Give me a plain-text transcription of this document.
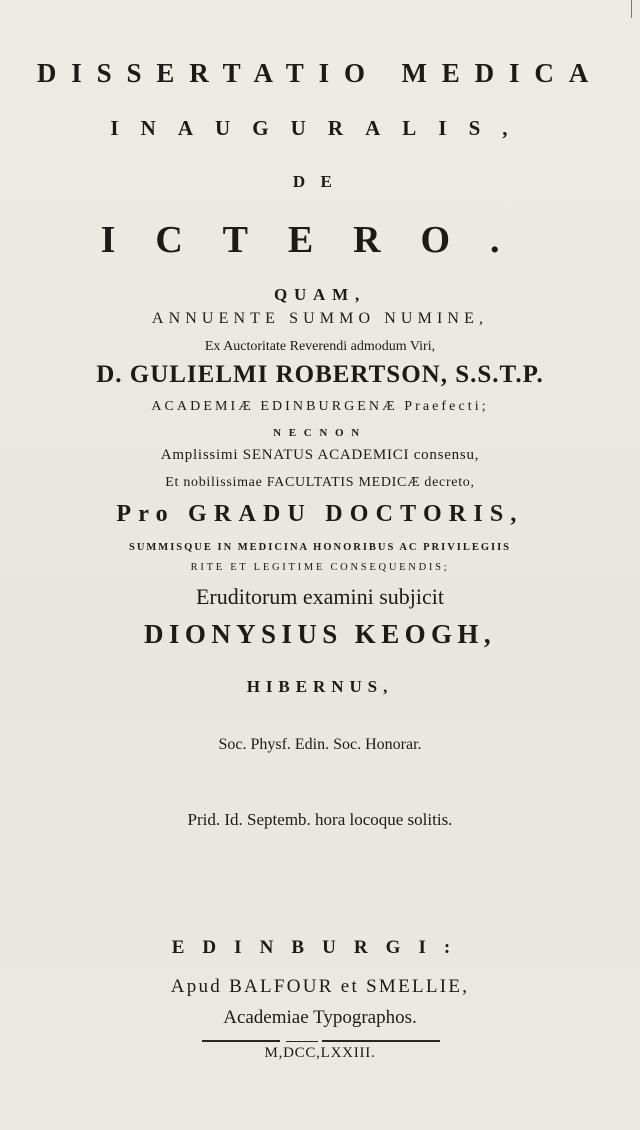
DISSERTATIO MEDICA
INAUGURALIS,
DE
ICTERO.
QUAM,
ANNUENTE SUMMO NUMINE,
Ex Auctoritate Reverendi admodum Viri,
D. GULIELMI ROBERTSON, S.S.T.P.
ACADEMIÆ EDINBURGENÆ Praefecti;
NECNON
Amplissimi SENATUS ACADEMICI consensu,
Et nobilissimae FACULTATIS MEDICÆ decreto,
Pro GRADU DOCTORIS,
SUMMISQUE IN MEDICINA HONORIBUS AC PRIVILEGIIS
RITE ET LEGITIME CONSEQUENDIS;
Eruditorum examini subjicit
DIONYSIUS KEOGH,
HIBERNUS,
Soc. Physf. Edin. Soc. Honorar.
Prid. Id. Septemb. hora locoque solitis.
EDINBURGI:
Apud BALFOUR et SMELLIE,
Academiae Typographos.
M,DCC,LXXIII.
